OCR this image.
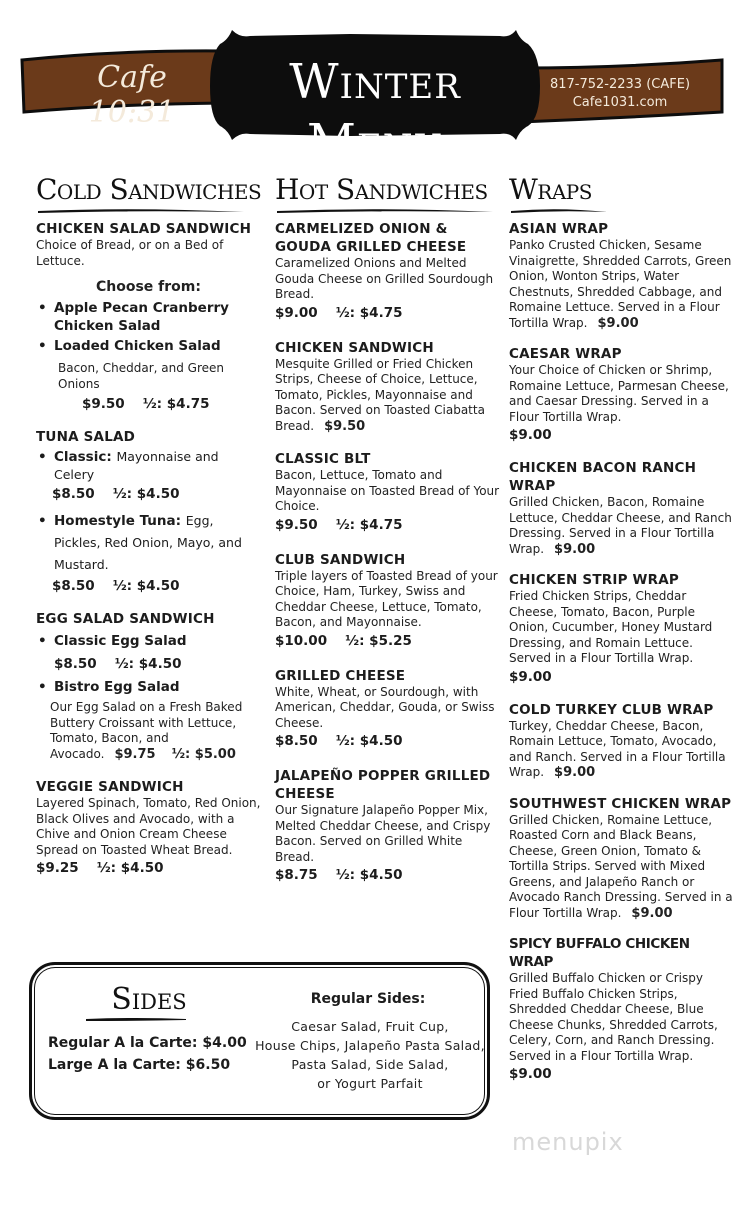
Cafe 10:31
Winter Menu
817-752-2233 (CAFE)
Cafe1031.com
Cold Sandwiches
CHICKEN SALAD SANDWICH
Choice of Bread, or on a Bed of Lettuce.
Choose from:
• Apple Pecan Cranberry Chicken Salad
• Loaded Chicken Salad
Bacon, Cheddar, and Green Onions
$9.50 ½: $4.75
TUNA SALAD
• Classic: Mayonnaise and Celery
$8.50 ½: $4.50
• Homestyle Tuna: Egg, Pickles, Red Onion, Mayo, and Mustard.
$8.50 ½: $4.50
EGG SALAD SANDWICH
• Classic Egg Salad
$8.50 ½: $4.50
• Bistro Egg Salad
Our Egg Salad on a Fresh Baked Buttery Croissant with Lettuce, Tomato, Bacon, and Avocado. $9.75 ½: $5.00
VEGGIE SANDWICH
Layered Spinach, Tomato, Red Onion, Black Olives and Avocado, with a Chive and Onion Cream Cheese Spread on Toasted Wheat Bread.
$9.25 ½: $4.50
Hot Sandwiches
CARMELIZED ONION & GOUDA GRILLED CHEESE
Caramelized Onions and Melted Gouda Cheese on Grilled Sourdough Bread.
$9.00 ½: $4.75
CHICKEN SANDWICH
Mesquite Grilled or Fried Chicken Strips, Cheese of Choice, Lettuce, Tomato, Pickles, Mayonnaise and Bacon. Served on Toasted Ciabatta Bread. $9.50
CLASSIC BLT
Bacon, Lettuce, Tomato and Mayonnaise on Toasted Bread of Your Choice.
$9.50 ½: $4.75
CLUB SANDWICH
Triple layers of Toasted Bread of your Choice, Ham, Turkey, Swiss and Cheddar Cheese, Lettuce, Tomato, Bacon, and Mayonnaise.
$10.00 ½: $5.25
GRILLED CHEESE
White, Wheat, or Sourdough, with American, Cheddar, Gouda, or Swiss Cheese.
$8.50 ½: $4.50
JALAPEÑO POPPER GRILLED CHEESE
Our Signature Jalapeño Popper Mix, Melted Cheddar Cheese, and Crispy Bacon. Served on Grilled White Bread.
$8.75 ½: $4.50
Wraps
ASIAN WRAP
Panko Crusted Chicken, Sesame Vinaigrette, Shredded Carrots, Green Onion, Wonton Strips, Water Chestnuts, Shredded Cabbage, and Romaine Lettuce. Served in a Flour Tortilla Wrap. $9.00
CAESAR WRAP
Your Choice of Chicken or Shrimp, Romaine Lettuce, Parmesan Cheese, and Caesar Dressing. Served in a Flour Tortilla Wrap.
$9.00
CHICKEN BACON RANCH WRAP
Grilled Chicken, Bacon, Romaine Lettuce, Cheddar Cheese, and Ranch Dressing. Served in a Flour Tortilla Wrap. $9.00
CHICKEN STRIP WRAP
Fried Chicken Strips, Cheddar Cheese, Tomato, Bacon, Purple Onion, Cucumber, Honey Mustard Dressing, and Romain Lettuce. Served in a Flour Tortilla Wrap.
$9.00
COLD TURKEY CLUB WRAP
Turkey, Cheddar Cheese, Bacon, Romain Lettuce, Tomato, Avocado, and Ranch. Served in a Flour Tortilla Wrap. $9.00
SOUTHWEST CHICKEN WRAP
Grilled Chicken, Romaine Lettuce, Roasted Corn and Black Beans, Cheese, Green Onion, Tomato & Tortilla Strips. Served with Mixed Greens, and Jalapeño Ranch or Avocado Ranch Dressing. Served in a Flour Tortilla Wrap. $9.00
SPICY BUFFALO CHICKEN WRAP
Grilled Buffalo Chicken or Crispy Fried Buffalo Chicken Strips, Shredded Cheddar Cheese, Blue Cheese Chunks, Shredded Carrots, Celery, Corn, and Ranch Dressing. Served in a Flour Tortilla Wrap.
$9.00
Sides
Regular A la Carte: $4.00
Large A la Carte: $6.50
Regular Sides:
Caesar Salad, Fruit Cup,
House Chips, Jalapeño Pasta Salad,
Pasta Salad, Side Salad,
or Yogurt Parfait
menupix
